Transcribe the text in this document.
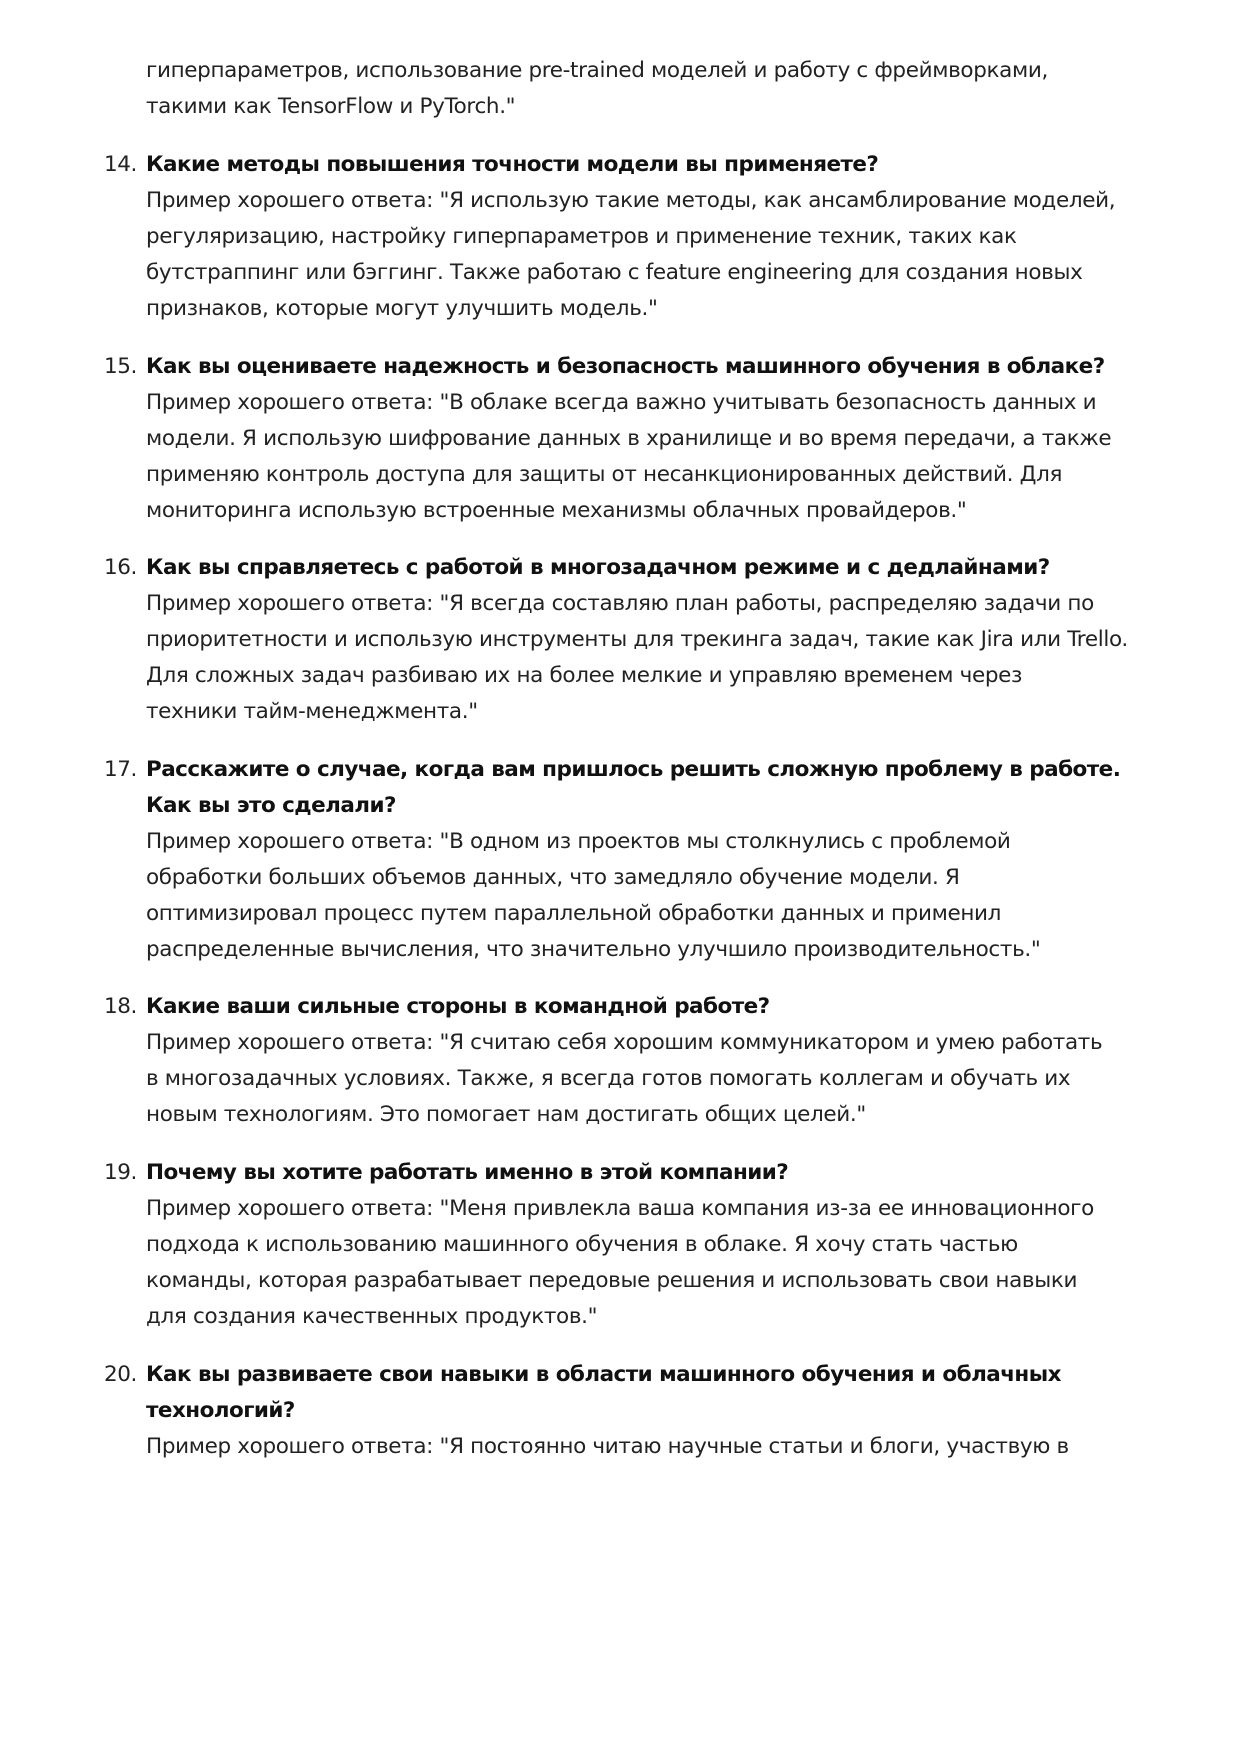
гиперпараметров, использование pre-trained моделей и работу с фреймворками,
такими как TensorFlow и PyTorch."
14. Какие методы повышения точности модели вы применяете?
Пример хорошего ответа: "Я использую такие методы, как ансамблирование моделей,
регуляризацию, настройку гиперпараметров и применение техник, таких как
бутстраппинг или бэггинг. Также работаю с feature engineering для создания новых
признаков, которые могут улучшить модель."
15. Как вы оцениваете надежность и безопасность машинного обучения в облаке?
Пример хорошего ответа: "В облаке всегда важно учитывать безопасность данных и
модели. Я использую шифрование данных в хранилище и во время передачи, а также
применяю контроль доступа для защиты от несанкционированных действий. Для
мониторинга использую встроенные механизмы облачных провайдеров."
16. Как вы справляетесь с работой в многозадачном режиме и с дедлайнами?
Пример хорошего ответа: "Я всегда составляю план работы, распределяю задачи по
приоритетности и использую инструменты для трекинга задач, такие как Jira или Trello.
Для сложных задач разбиваю их на более мелкие и управляю временем через
техники тайм-менеджмента."
17. Расскажите о случае, когда вам пришлось решить сложную проблему в работе.
Как вы это сделали?
Пример хорошего ответа: "В одном из проектов мы столкнулись с проблемой
обработки больших объемов данных, что замедляло обучение модели. Я
оптимизировал процесс путем параллельной обработки данных и применил
распределенные вычисления, что значительно улучшило производительность."
18. Какие ваши сильные стороны в командной работе?
Пример хорошего ответа: "Я считаю себя хорошим коммуникатором и умею работать
в многозадачных условиях. Также, я всегда готов помогать коллегам и обучать их
новым технологиям. Это помогает нам достигать общих целей."
19. Почему вы хотите работать именно в этой компании?
Пример хорошего ответа: "Меня привлекла ваша компания из-за ее инновационного
подхода к использованию машинного обучения в облаке. Я хочу стать частью
команды, которая разрабатывает передовые решения и использовать свои навыки
для создания качественных продуктов."
20. Как вы развиваете свои навыки в области машинного обучения и облачных
технологий?
Пример хорошего ответа: "Я постоянно читаю научные статьи и блоги, участвую в
